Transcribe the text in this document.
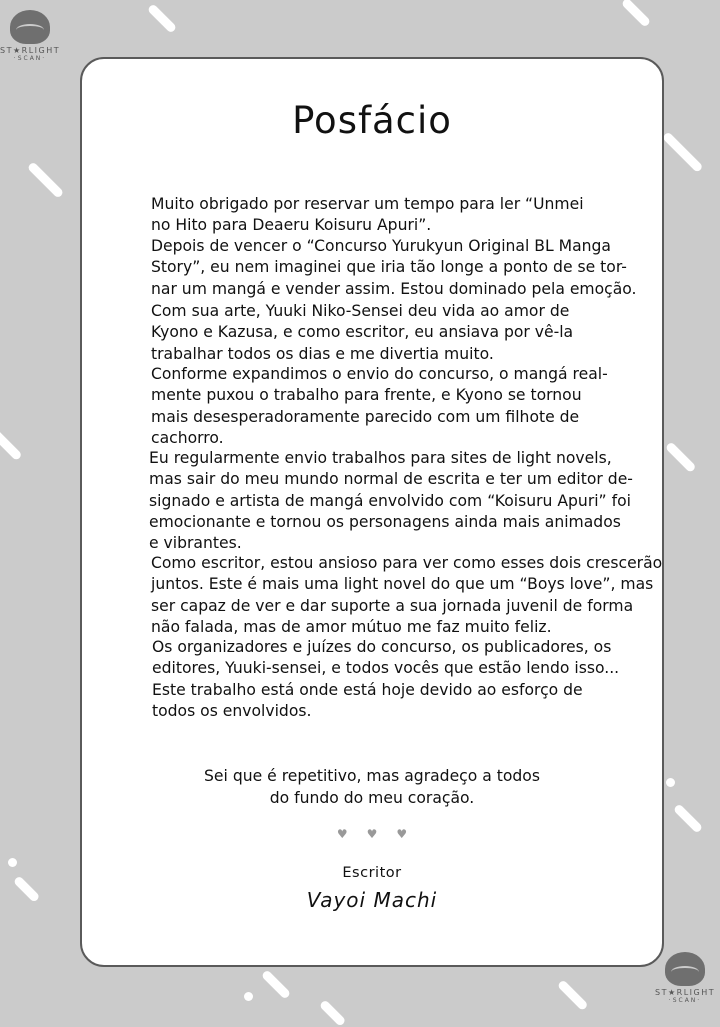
ST★RLIGHT
·SCAN·
ST★RLIGHT
·SCAN·
Posfácio
Muito obrigado por reservar um tempo para ler “Unmei
no Hito para Deaeru Koisuru Apuri”.
Depois de vencer o “Concurso Yurukyun Original BL Manga
Story”, eu nem imaginei que iria tão longe a ponto de se tor-
nar um mangá e vender assim. Estou dominado pela emoção.
Com sua arte, Yuuki Niko-Sensei deu vida ao amor de
Kyono e Kazusa, e como escritor, eu ansiava por vê-la
trabalhar todos os dias e me divertia muito.
Conforme expandimos o envio do concurso, o mangá real-
mente puxou o trabalho para frente, e Kyono se tornou
mais desesperadoramente parecido com um filhote de
cachorro.
Eu regularmente envio trabalhos para sites de light novels,
mas sair do meu mundo normal de escrita e ter um editor de-
signado e artista de mangá envolvido com “Koisuru Apuri” foi
emocionante e tornou os personagens ainda mais animados
e vibrantes.
Como escritor, estou ansioso para ver como esses dois crescerão
juntos. Este é mais uma light novel do que um “Boys love”, mas
ser capaz de ver e dar suporte a sua jornada juvenil de forma
não falada, mas de amor mútuo me faz muito feliz.
Os organizadores e juízes do concurso, os publicadores, os
editores, Yuuki-sensei, e todos vocês que estão lendo isso...
Este trabalho está onde está hoje devido ao esforço de
todos os envolvidos.
Sei que é repetitivo, mas agradeço a todos
do fundo do meu coração.
♥♥♥
Escritor
Vayoi Machi
